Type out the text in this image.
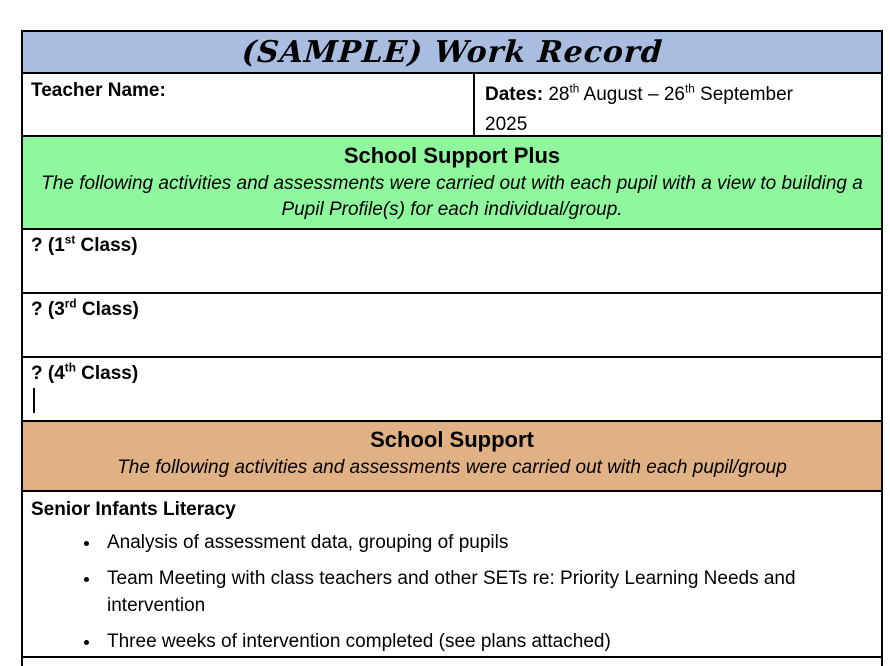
(SAMPLE) Work Record
Teacher Name:	Dates: 28th August – 26th September
2025
School Support Plus
The following activities and assessments were carried out with each pupil with a view to building a Pupil Profile(s) for each individual/group.
? (1st Class)
? (3rd Class)
? (4th Class)
School Support
The following activities and assessments were carried out with each pupil/group
Senior Infants Literacy
• Analysis of assessment data, grouping of pupils
• Team Meeting with class teachers and other SETs re: Priority Learning Needs and intervention
• Three weeks of intervention completed (see plans attached)
